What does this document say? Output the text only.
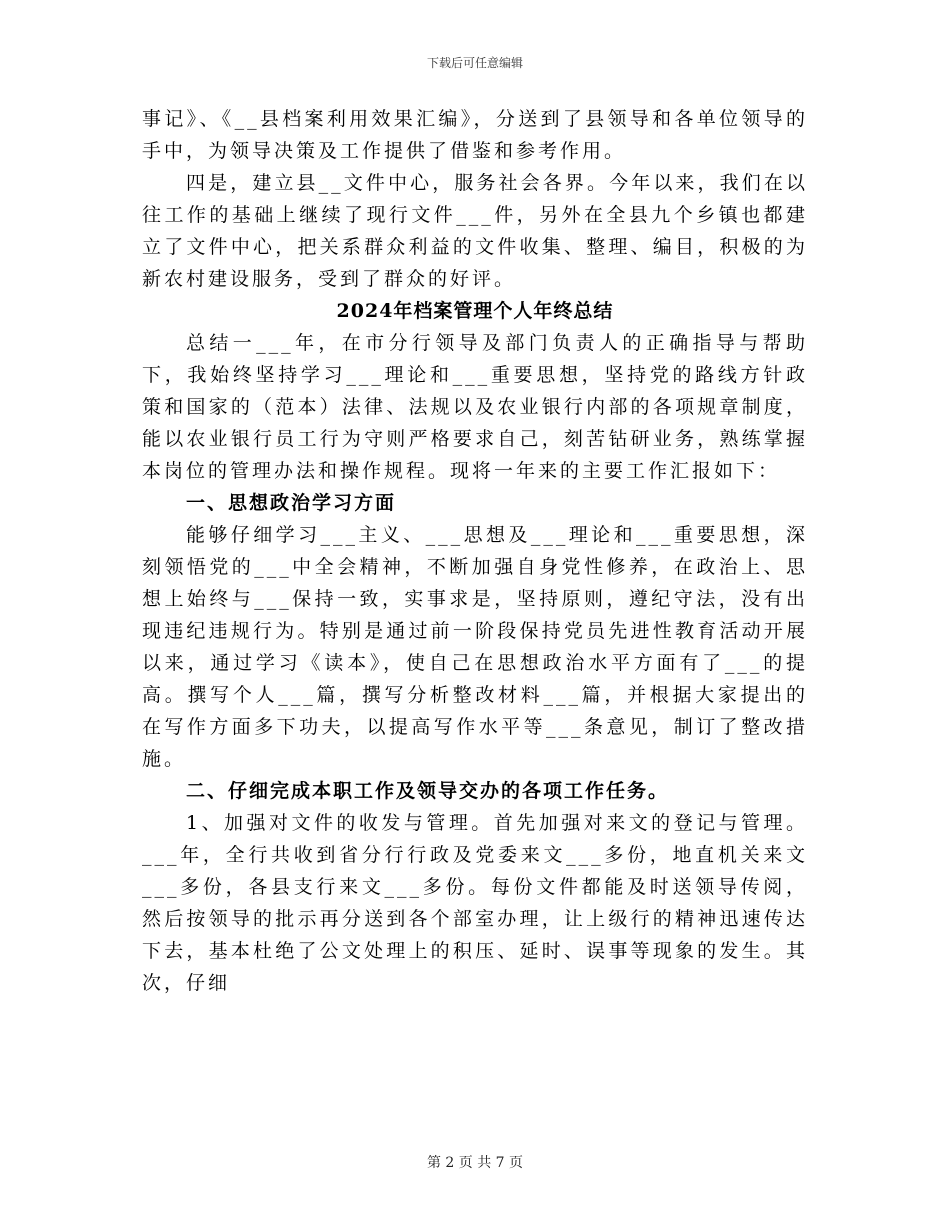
下载后可任意编辑

事记》、《__县档案利用效果汇编》，分送到了县领导和各单位领导的手中，为领导决策及工作提供了借鉴和参考作用。

四是，建立县__文件中心，服务社会各界。今年以来，我们在以往工作的基础上继续了现行文件___件，另外在全县九个乡镇也都建立了文件中心，把关系群众利益的文件收集、整理、编目，积极的为新农村建设服务，受到了群众的好评。

2024年档案管理个人年终总结

总结一___年，在市分行领导及部门负责人的正确指导与帮助下，我始终坚持学习___理论和___重要思想，坚持党的路线方针政策和国家的（范本）法律、法规以及农业银行内部的各项规章制度，能以农业银行员工行为守则严格要求自己，刻苦钻研业务，熟练掌握本岗位的管理办法和操作规程。现将一年来的主要工作汇报如下：

一、思想政治学习方面

能够仔细学习___主义、___思想及___理论和___重要思想，深刻领悟党的___中全会精神，不断加强自身党性修养，在政治上、思想上始终与___保持一致，实事求是，坚持原则，遵纪守法，没有出现违纪违规行为。特别是通过前一阶段保持党员先进性教育活动开展以来，通过学习《读本》，使自己在思想政治水平方面有了___的提高。撰写个人___篇，撰写分析整改材料___篇，并根据大家提出的在写作方面多下功夫，以提高写作水平等___条意见，制订了整改措施。

二、仔细完成本职工作及领导交办的各项工作任务。

1、加强对文件的收发与管理。首先加强对来文的登记与管理。___年，全行共收到省分行行政及党委来文___多份，地直机关来文___多份，各县支行来文___多份。每份文件都能及时送领导传阅，然后按领导的批示再分送到各个部室办理，让上级行的精神迅速传达下去，基本杜绝了公文处理上的积压、延时、误事等现象的发生。其次，仔细

第 2 页 共 7 页
